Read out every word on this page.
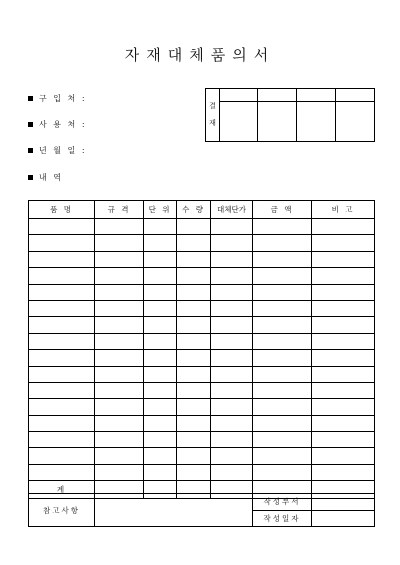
자재대체품의서
구 입 처 :
사 용 처 :
년 월 일 :
내 역
결
재				

품 명	규 격	단 위	수 량	대체단가	금 액	비 고

계						
참고사항		작성부서	
		작성일자	
